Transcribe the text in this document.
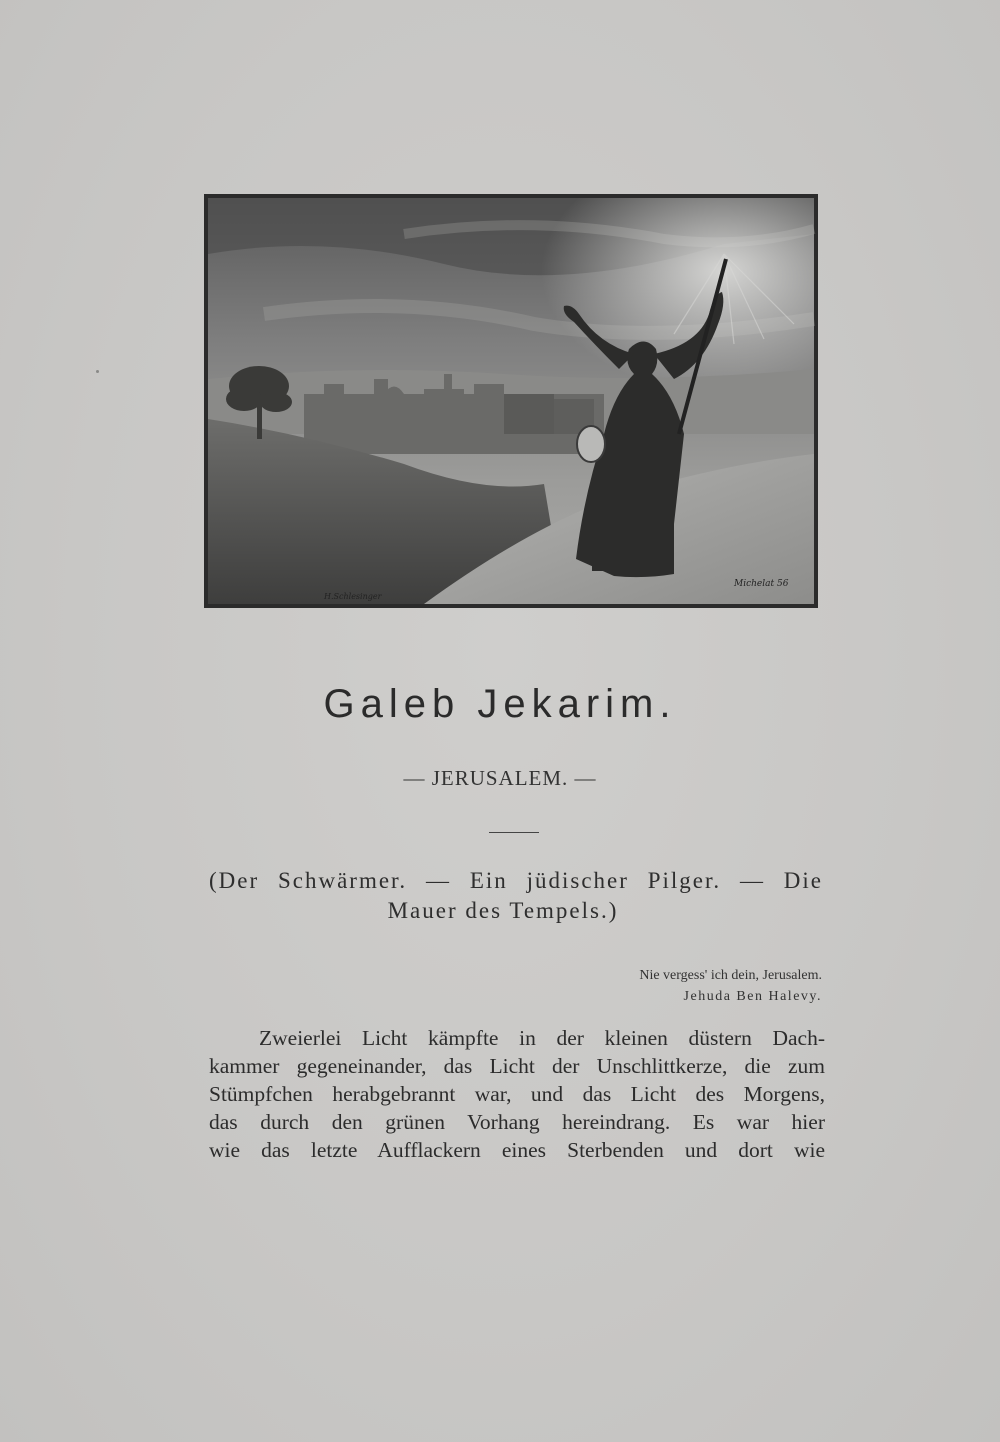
H.Schlesinger
Michelat 56
Galeb Jekarim.
— JERUSALEM. —
(Der Schwärmer. — Ein jüdischer Pilger. — Die
Mauer des Tempels.)
Nie vergess' ich dein, Jerusalem.
Jehuda Ben Halevy.
Zweierlei Licht kämpfte in der kleinen düstern Dach-
kammer gegeneinander, das Licht der Unschlittkerze, die zum
Stümpfchen herabgebrannt war, und das Licht des Morgens,
das durch den grünen Vorhang hereindrang. Es war hier
wie das letzte Aufflackern eines Sterbenden und dort wie
